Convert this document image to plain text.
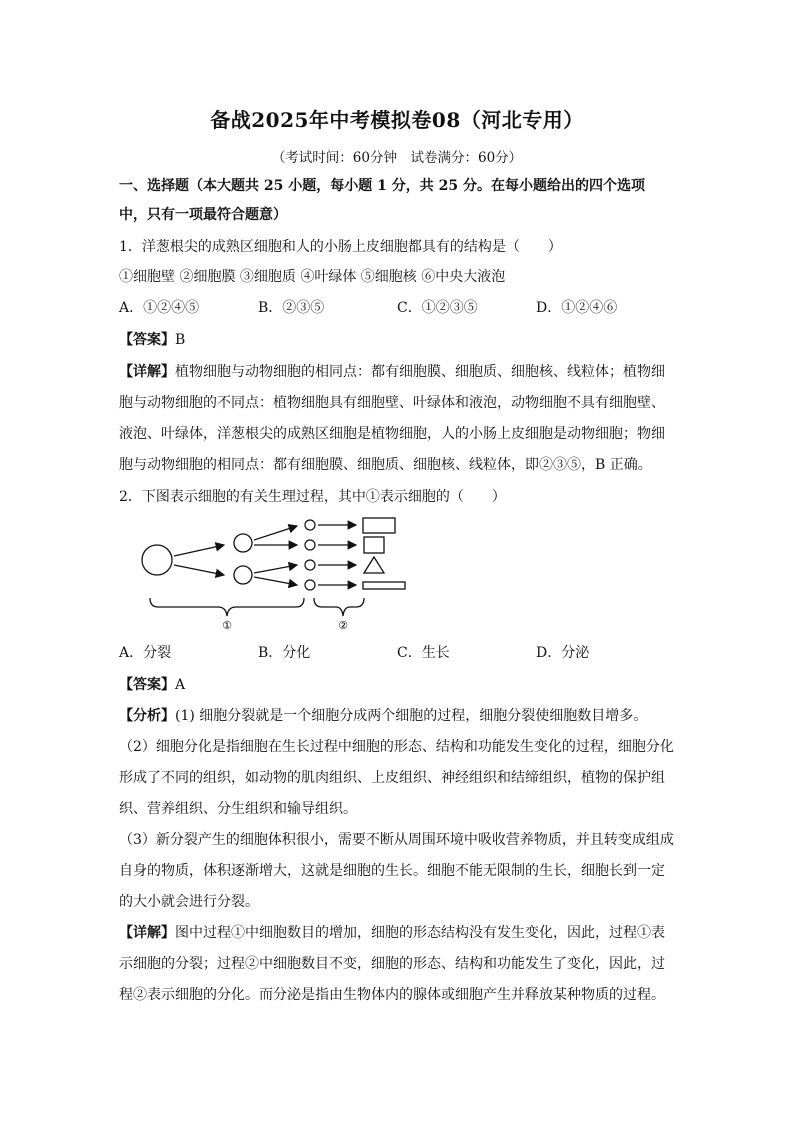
备战2025年中考模拟卷08（河北专用）
（考试时间：60分钟　试卷满分：60分）
一、选择题（本大题共 25 小题，每小题 1 分，共 25 分。在每小题给出的四个选项
中，只有一项最符合题意）
1．洋葱根尖的成熟区细胞和人的小肠上皮细胞都具有的结构是（　　）
①细胞壁 ②细胞膜 ③细胞质 ④叶绿体 ⑤细胞核 ⑥中央大液泡
A．①②④⑤	B．②③⑤	C．①②③⑤	D．①②④⑥
【答案】B
【详解】植物细胞与动物细胞的相同点：都有细胞膜、细胞质、细胞核、线粒体；植物细
胞与动物细胞的不同点：植物细胞具有细胞壁、叶绿体和液泡，动物细胞不具有细胞壁、
液泡、叶绿体，洋葱根尖的成熟区细胞是植物细胞，人的小肠上皮细胞是动物细胞；物细
胞与动物细胞的相同点：都有细胞膜、细胞质、细胞核、线粒体，即②③⑤，B 正确。
2．下图表示细胞的有关生理过程，其中①表示细胞的（　　）
①	②
A．分裂	B．分化	C．生长	D．分泌
【答案】A
【分析】(1) 细胞分裂就是一个细胞分成两个细胞的过程，细胞分裂使细胞数目增多。
（2）细胞分化是指细胞在生长过程中细胞的形态、结构和功能发生变化的过程，细胞分化
形成了不同的组织，如动物的肌肉组织、上皮组织、神经组织和结缔组织，植物的保护组
织、营养组织、分生组织和输导组织。
（3）新分裂产生的细胞体积很小，需要不断从周围环境中吸收营养物质，并且转变成组成
自身的物质，体积逐渐增大，这就是细胞的生长。细胞不能无限制的生长，细胞长到一定
的大小就会进行分裂。
【详解】图中过程①中细胞数目的增加，细胞的形态结构没有发生变化，因此，过程①表
示细胞的分裂；过程②中细胞数目不变，细胞的形态、结构和功能发生了变化，因此，过
程②表示细胞的分化。而分泌是指由生物体内的腺体或细胞产生并释放某种物质的过程。
